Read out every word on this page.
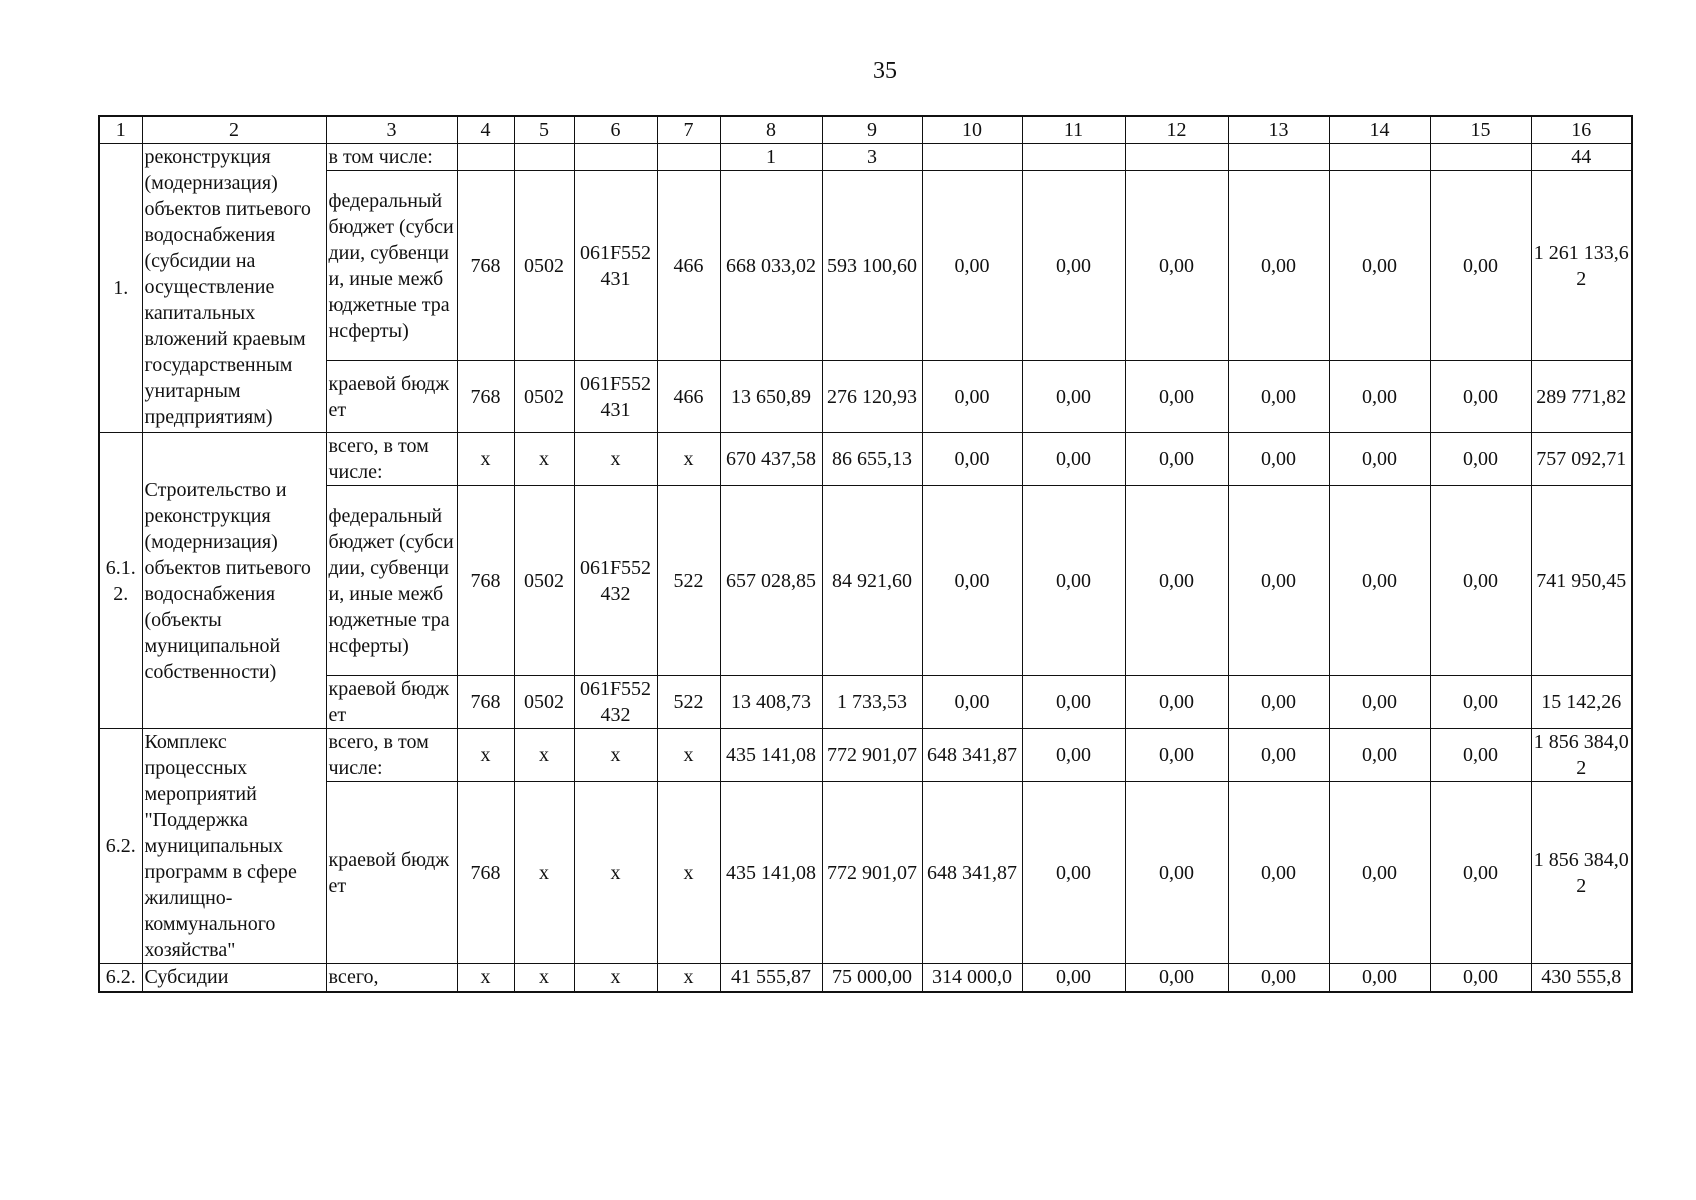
35
1	2	3	4	5	6	7	8	9	10	11	12	13	14	15	16
1.	реконструкция (модернизация) объектов питьевого водоснабжения (субсидии на осуществление капитальных вложений краевым государственным унитарным предприятиям)	в том числе:					1	3							44
		федеральный бюджет (субсидии, субвенции, иные межбюджетные трансферты)	768	0502	061F552431	466	668 033,02	593 100,60	0,00	0,00	0,00	0,00	0,00	0,00	1 261 133,62
		краевой бюджет	768	0502	061F552431	466	13 650,89	276 120,93	0,00	0,00	0,00	0,00	0,00	0,00	289 771,82
6.1.2.	Строительство и реконструкция (модернизация) объектов питьевого водоснабжения (объекты муниципальной собственности)	всего, в том числе:	х	х	х	х	670 437,58	86 655,13	0,00	0,00	0,00	0,00	0,00	0,00	757 092,71
		федеральный бюджет (субсидии, субвенции, иные межбюджетные трансферты)	768	0502	061F552432	522	657 028,85	84 921,60	0,00	0,00	0,00	0,00	0,00	0,00	741 950,45
		краевой бюджет	768	0502	061F552432	522	13 408,73	1 733,53	0,00	0,00	0,00	0,00	0,00	0,00	15 142,26
6.2.	Комплекс процессных мероприятий "Поддержка муниципальных программ в сфере жилищно-коммунального хозяйства"	всего, в том числе:	х	х	х	х	435 141,08	772 901,07	648 341,87	0,00	0,00	0,00	0,00	0,00	1 856 384,02
		краевой бюджет	768	х	х	х	435 141,08	772 901,07	648 341,87	0,00	0,00	0,00	0,00	0,00	1 856 384,02
6.2.	Субсидии	всего,	х	х	х	х	41 555,87	75 000,00	314 000,0	0,00	0,00	0,00	0,00	0,00	430 555,8
